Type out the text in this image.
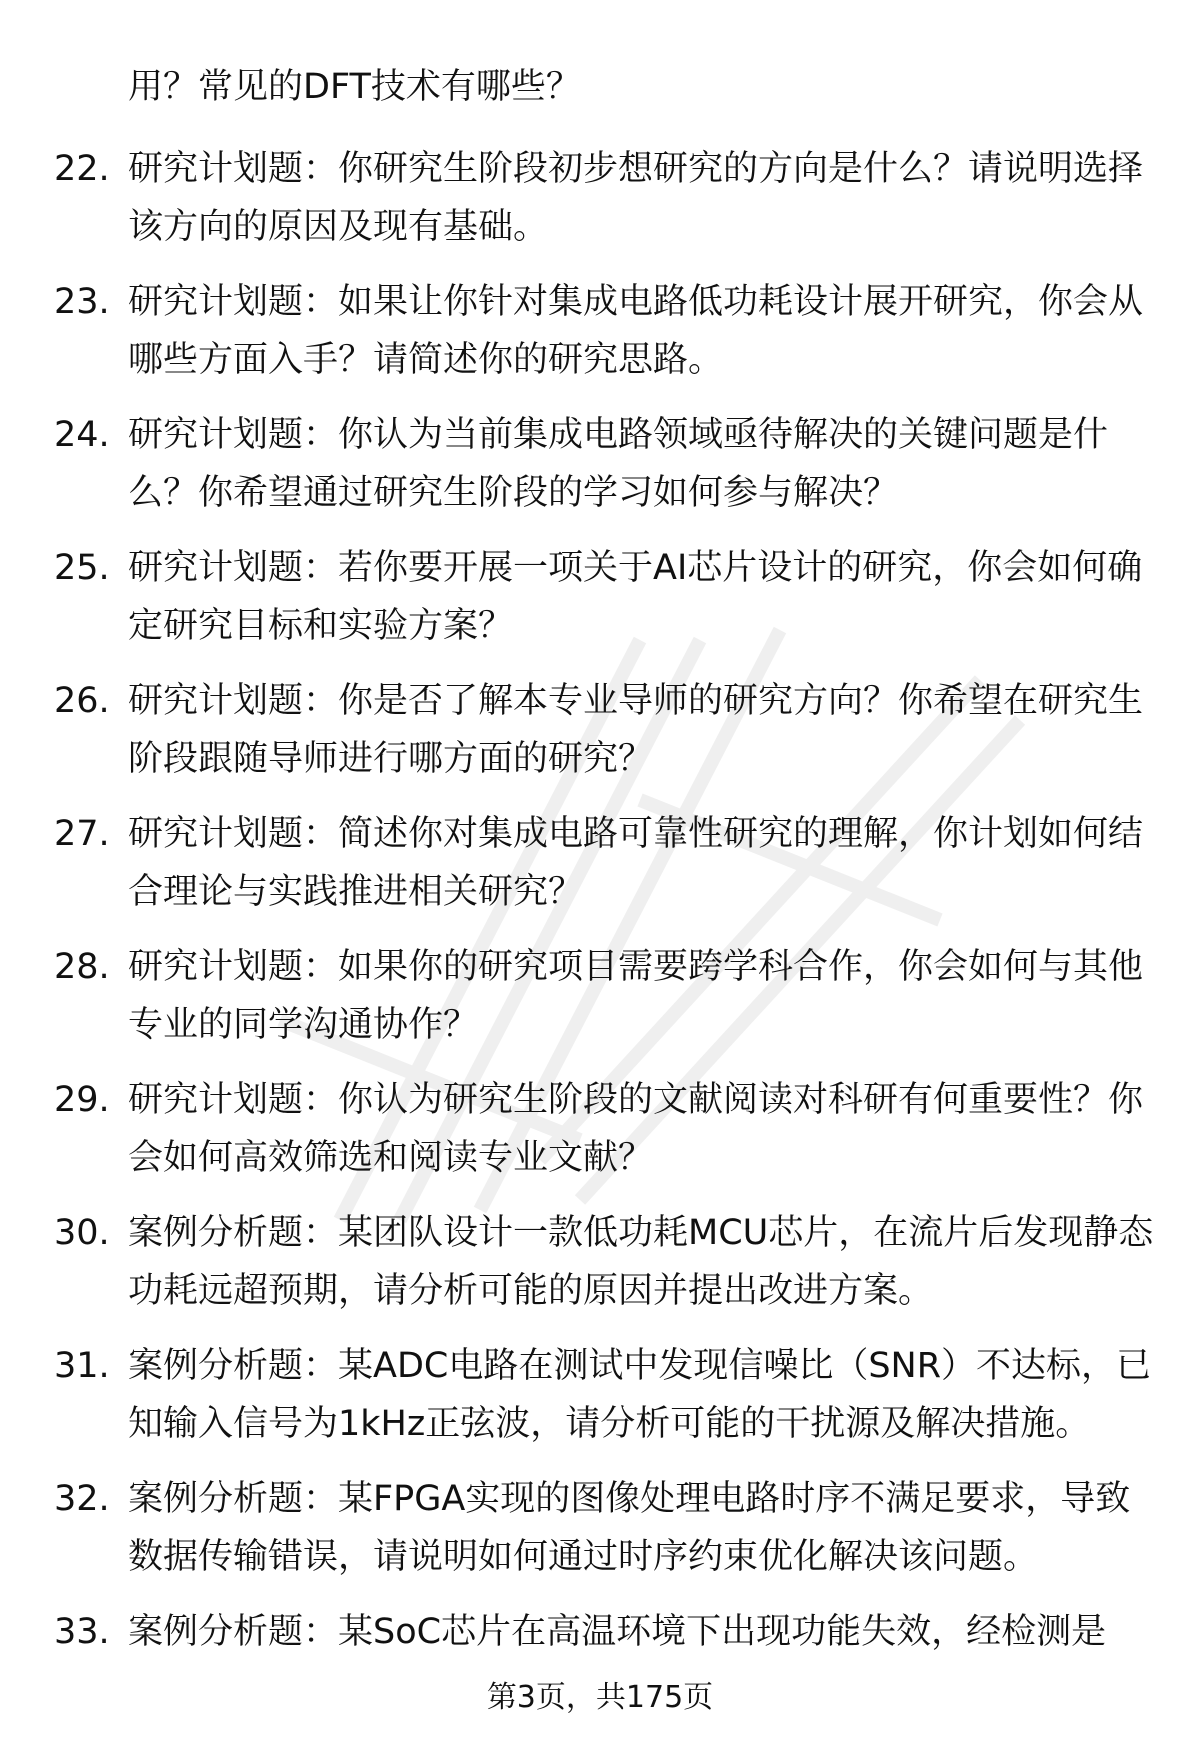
用？常见的DFT技术有哪些？
22. 研究计划题：你研究生阶段初步想研究的方向是什么？请说明选择该方向的原因及现有基础。
23. 研究计划题：如果让你针对集成电路低功耗设计展开研究，你会从哪些方面入手？请简述你的研究思路。
24. 研究计划题：你认为当前集成电路领域亟待解决的关键问题是什么？你希望通过研究生阶段的学习如何参与解决？
25. 研究计划题：若你要开展一项关于AI芯片设计的研究，你会如何确定研究目标和实验方案？
26. 研究计划题：你是否了解本专业导师的研究方向？你希望在研究生阶段跟随导师进行哪方面的研究？
27. 研究计划题：简述你对集成电路可靠性研究的理解，你计划如何结合理论与实践推进相关研究？
28. 研究计划题：如果你的研究项目需要跨学科合作，你会如何与其他专业的同学沟通协作？
29. 研究计划题：你认为研究生阶段的文献阅读对科研有何重要性？你会如何高效筛选和阅读专业文献？
30. 案例分析题：某团队设计一款低功耗MCU芯片，在流片后发现静态功耗远超预期，请分析可能的原因并提出改进方案。
31. 案例分析题：某ADC电路在测试中发现信噪比（SNR）不达标，已知输入信号为1kHz正弦波，请分析可能的干扰源及解决措施。
32. 案例分析题：某FPGA实现的图像处理电路时序不满足要求，导致数据传输错误，请说明如何通过时序约束优化解决该问题。
33. 案例分析题：某SoC芯片在高温环境下出现功能失效，经检测是
第3页，共175页
